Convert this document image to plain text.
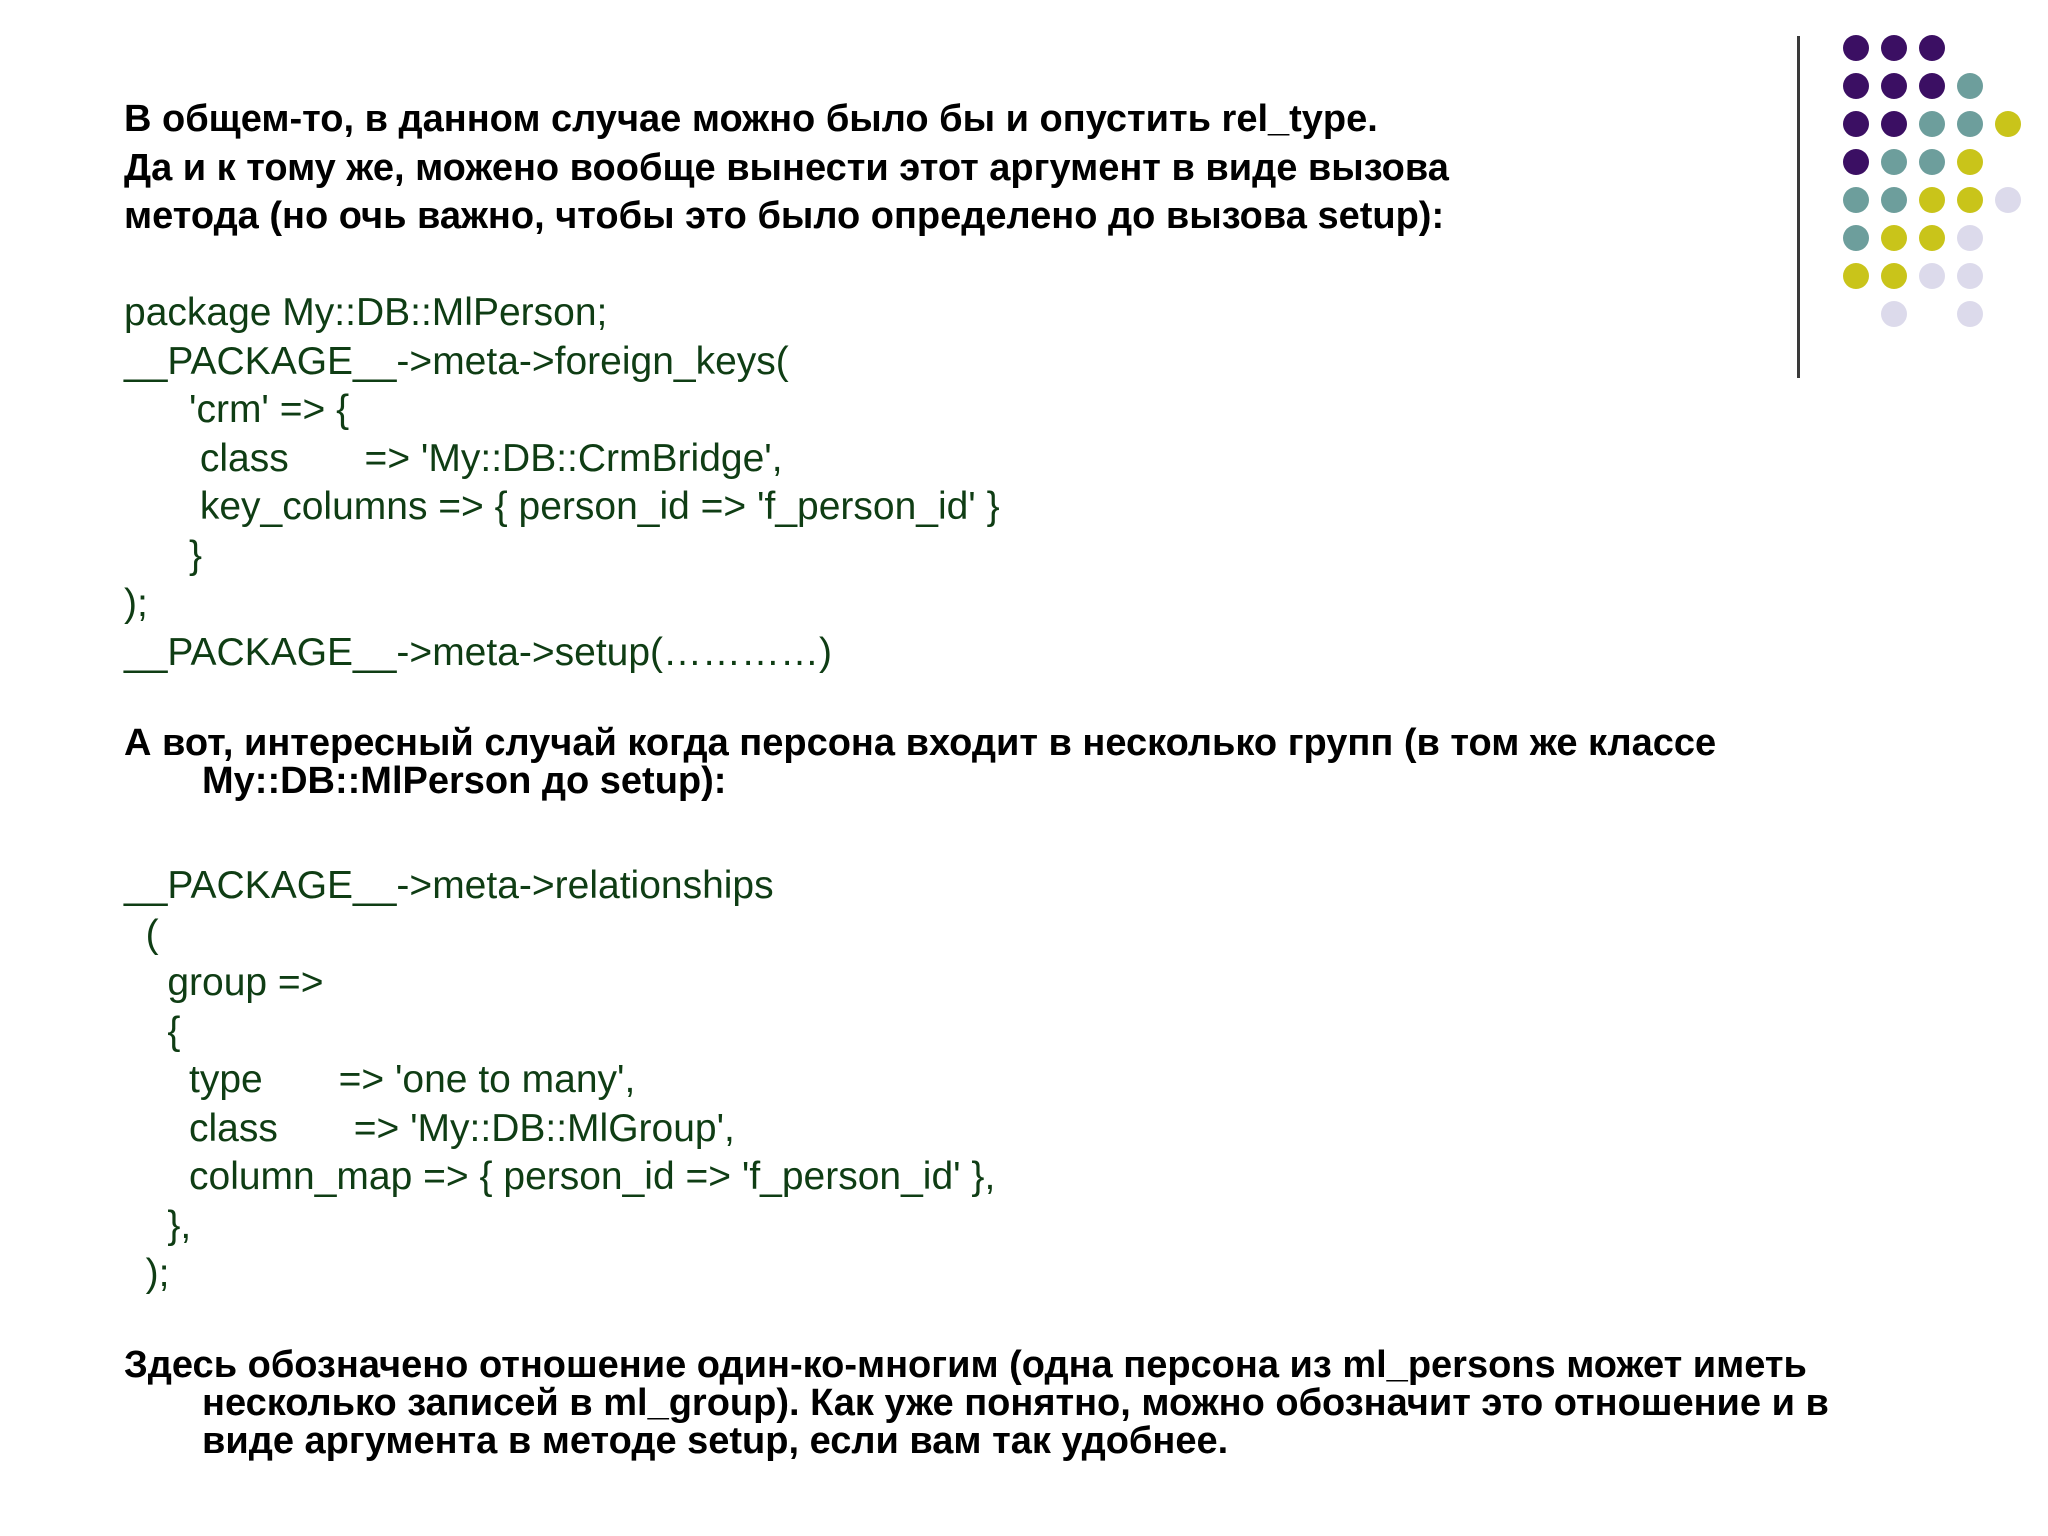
В общем-то, в данном случае можно было бы и опустить rel_type.
Да и к тому же, можено вообще вынести этот аргумент в виде вызова
метода (но очь важно, чтобы это было определено до вызова setup):
package My::DB::MlPerson;
__PACKAGE__->meta->foreign_keys(
'crm' => {
class       => 'My::DB::CrmBridge',
key_columns => { person_id => 'f_person_id' }
}
);
__PACKAGE__->meta->setup(…………)
А вот, интересный случай когда персона входит в несколько групп (в том же классе
My::DB::MlPerson до setup):
__PACKAGE__->meta->relationships
(
group =>
{
type       => 'one to many',
class       => 'My::DB::MlGroup',
column_map => { person_id => 'f_person_id' },
},
);
Здесь обозначено отношение один-ко-многим (одна персона из ml_persons может иметь
несколько записей в ml_group). Как уже понятно, можно обозначит это отношение и в
виде аргумента в методе setup, если вам так удобнее.
